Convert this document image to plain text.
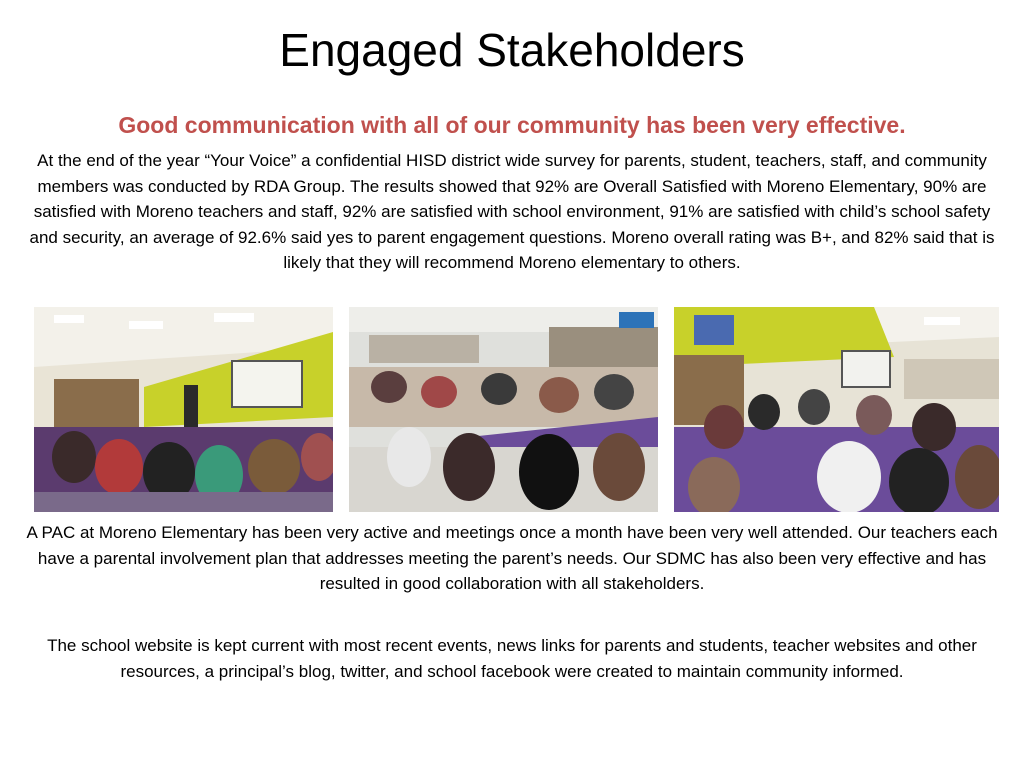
Engaged Stakeholders
Good communication with all of our community has been very effective.
At the end of the year “Your Voice” a confidential HISD district wide survey for parents, student, teachers, staff, and community members was conducted by RDA Group. The results showed that 92% are Overall Satisfied with Moreno Elementary, 90% are satisfied with Moreno teachers and staff, 92% are satisfied with school environment, 91% are satisfied with child’s school safety and security, an average of 92.6% said yes to parent engagement questions. Moreno overall rating was B+, and 82% said that is likely that they will recommend Moreno elementary to others.
A PAC at Moreno Elementary has been very active and meetings once a month have been very well attended. Our teachers each have a parental involvement plan that addresses meeting the parent’s needs. Our SDMC has also been very effective and has resulted in good collaboration with all stakeholders.
The school website is kept current with most recent events, news links for parents and students, teacher websites and other resources, a principal’s blog, twitter, and school facebook were created to maintain community informed.
